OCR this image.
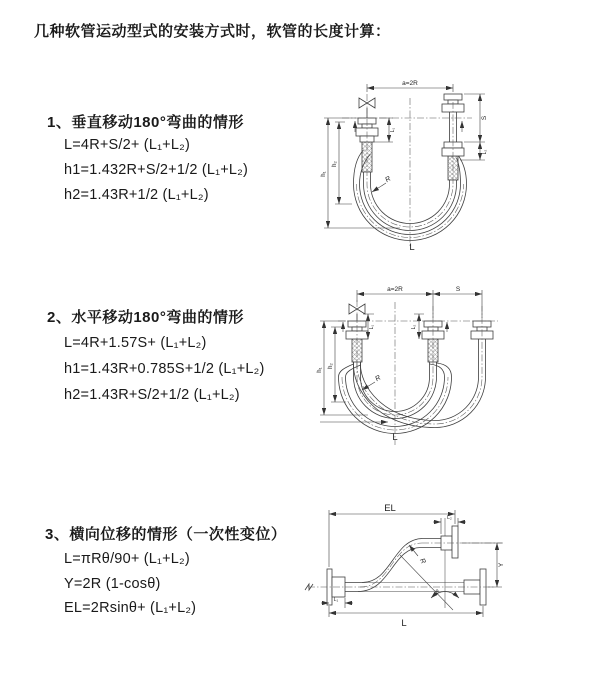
几种软管运动型式的安装方式时，软管的长度计算：
1、垂直移动180°弯曲的情形
L=4R+S/2+ (L₁+L₂)
h1=1.432R+S/2+1/2 (L₁+L₂)
h2=1.43R+1/2 (L₁+L₂)
a=2R
S
L₂
L₁
h₁
h₂
R
L
2、水平移动180°弯曲的情形
L=4R+1.57S+ (L₁+L₂)
h1=1.43R+0.785S+1/2 (L₁+L₂)
h2=1.43R+S/2+1/2 (L₁+L₂)
a=2R	S
L₁	L₂
h₁
h₂
R
L
3、横向位移的情形（一次性变位）
L=πRθ/90+ (L₁+L₂)
Y=2R (1-cosθ)
EL=2Rsinθ+ (L₁+L₂)
EL
L₂
Y
R
θ
L
L₁
